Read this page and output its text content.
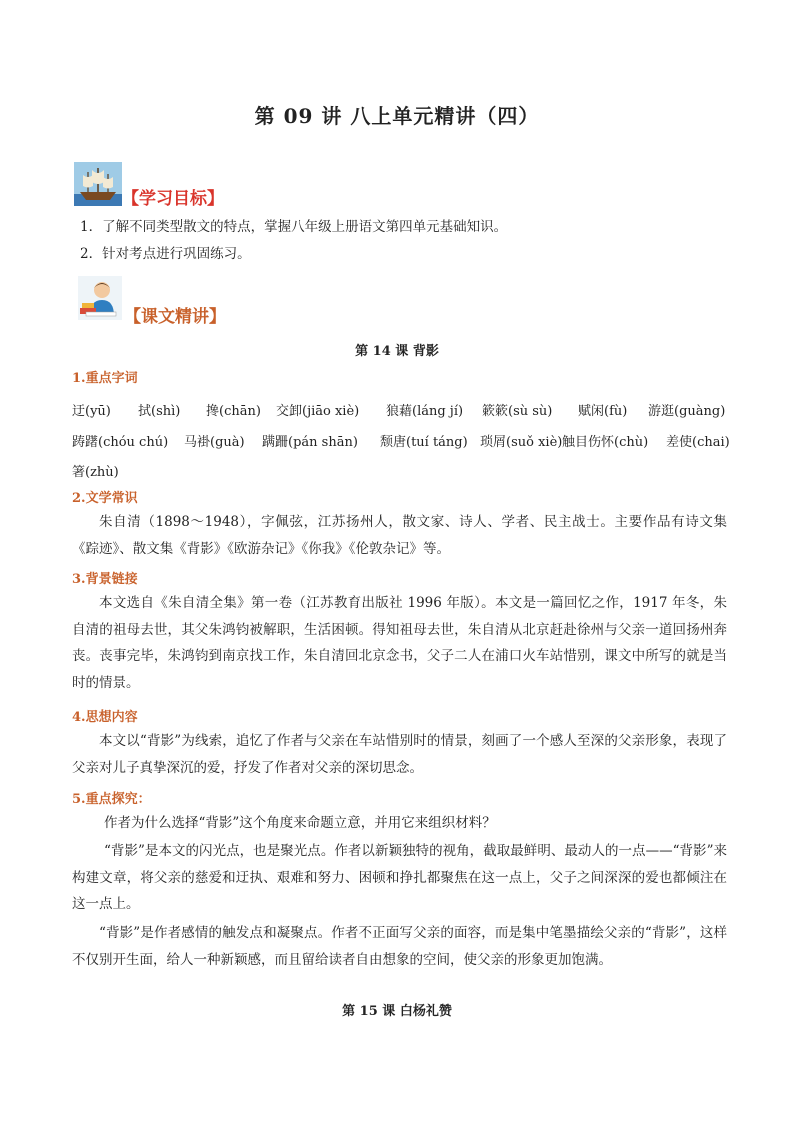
第 09 讲 八上单元精讲（四）
【学习目标】
1．了解不同类型散文的特点，掌握八年级上册语文第四单元基础知识。
2．针对考点进行巩固练习。
【课文精讲】
第 14 课 背影
1.重点字词
迂(yū) 拭(shì) 搀(chān) 交卸(jiāo xiè) 狼藉(láng jí) 簌簌(sù sù) 赋闲(fù) 游逛(guàng)
踌躇(chóu chú) 马褂(guà) 蹒跚(pán shān) 颓唐(tuí táng) 琐屑(suǒ xiè) 触目伤怀(chù) 差使(chai)
箸(zhù)
2.文学常识
朱自清（1898～1948），字佩弦，江苏扬州人，散文家、诗人、学者、民主战士。主要作品有诗文集《踪迹》、散文集《背影》《欧游杂记》《你我》《伦敦杂记》等。
3.背景链接
本文选自《朱自清全集》第一卷（江苏教育出版社 1996 年版）。本文是一篇回忆之作，1917 年冬，朱自清的祖母去世，其父朱鸿钧被解职，生活困顿。得知祖母去世，朱自清从北京赶赴徐州与父亲一道回扬州奔丧。丧事完毕，朱鸿钧到南京找工作，朱自清回北京念书，父子二人在浦口火车站惜别，课文中所写的就是当时的情景。
4.思想内容
本文以“背影”为线索，追忆了作者与父亲在车站惜别时的情景，刻画了一个感人至深的父亲形象，表现了父亲对儿子真挚深沉的爱，抒发了作者对父亲的深切思念。
5.重点探究：
作者为什么选择“背影”这个角度来命题立意，并用它来组织材料？
“背影”是本文的闪光点，也是聚光点。作者以新颖独特的视角，截取最鲜明、最动人的一点——“背影”来构建文章，将父亲的慈爱和迂执、艰难和努力、困顿和挣扎都聚焦在这一点上，父子之间深深的爱也都倾注在这一点上。
“背影”是作者感情的触发点和凝聚点。作者不正面写父亲的面容，而是集中笔墨描绘父亲的“背影”，这样不仅别开生面，给人一种新颖感，而且留给读者自由想象的空间，使父亲的形象更加饱满。
第 15 课 白杨礼赞
